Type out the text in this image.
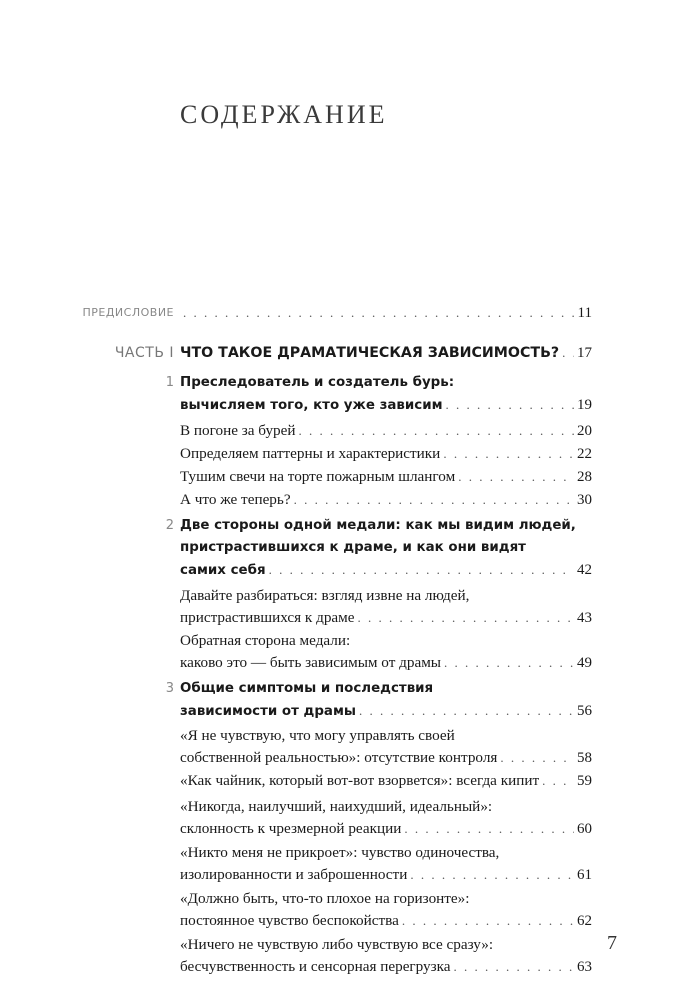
СОДЕРЖАНИЕ
ПРЕДИСЛОВИЕ . . .	11
ЧАСТЬ I ЧТО ТАКОЕ ДРАМАТИЧЕСКАЯ ЗАВИСИМОСТЬ? . . . 17
1 Преследователь и создатель бурь:
вычисляем того, кто уже зависим . . .	19
В погоне за бурей . . .	20
Определяем паттерны и характеристики . . .	22
Тушим свечи на торте пожарным шлангом . . .	28
А что же теперь? . . .	30
2 Две стороны одной медали: как мы видим людей,
пристрастившихся к драме, и как они видят
самих себя . . .	42
Давайте разбираться: взгляд извне на людей,
пристрастившихся к драме . . .	43
Обратная сторона медали:
каково это — быть зависимым от драмы . . .	49
3 Общие симптомы и последствия
зависимости от драмы . . .	56
«Я не чувствую, что могу управлять своей
собственной реальностью»: отсутствие контроля . . .	58
«Как чайник, который вот-вот взорвется»: всегда кипит . . .	59
«Никогда, наилучший, наихудший, идеальный»:
склонность к чрезмерной реакции . . .	60
«Никто меня не прикроет»: чувство одиночества,
изолированности и заброшенности . . .	61
«Должно быть, что-то плохое на горизонте»:
постоянное чувство беспокойства . . .	62
«Ничего не чувствую либо чувствую все сразу»:
бесчувственность и сенсорная перегрузка . . .	63
7
